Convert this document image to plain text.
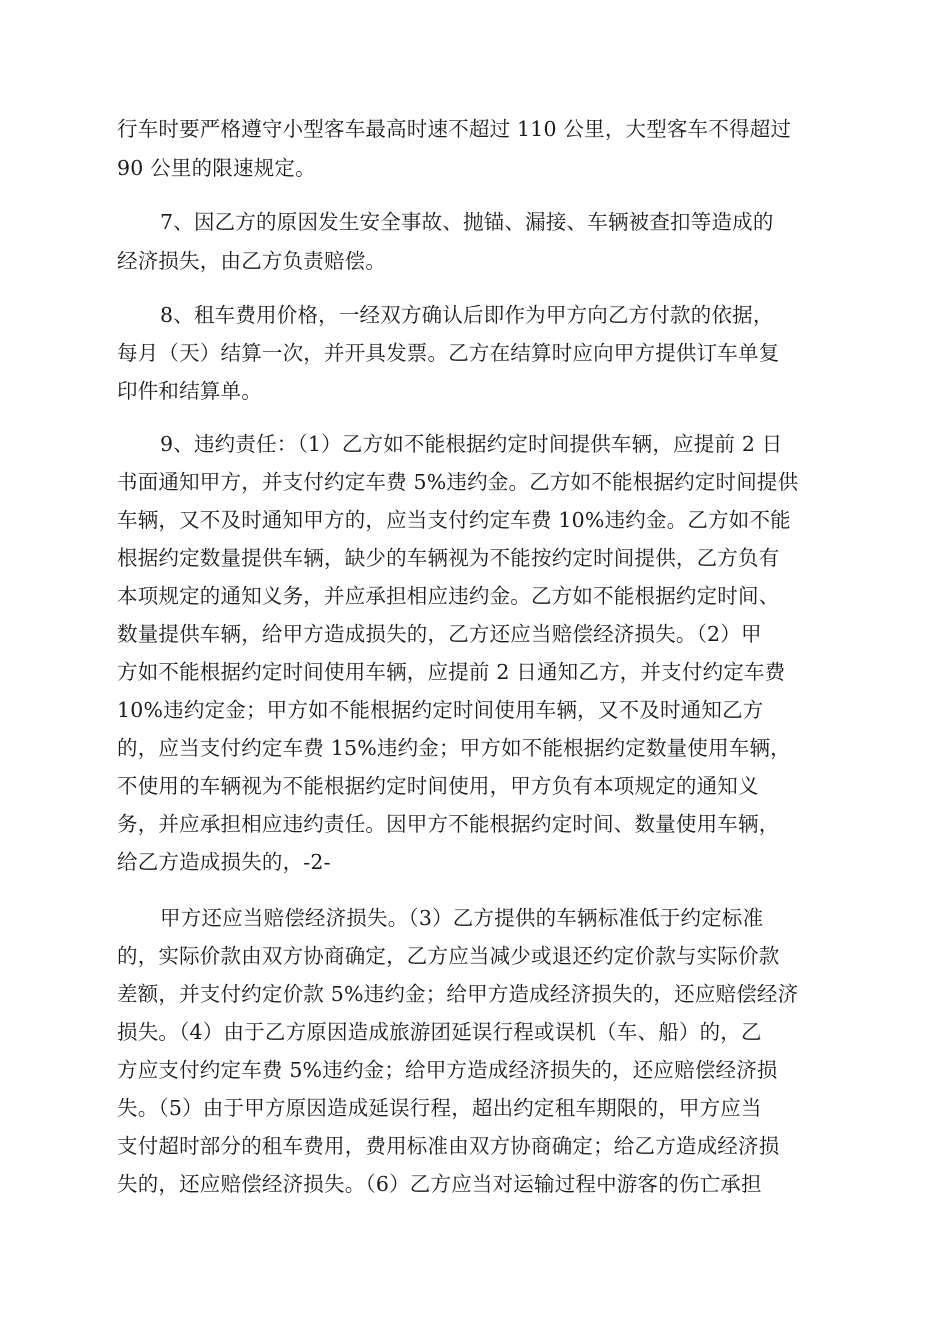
行车时要严格遵守小型客车最高时速不超过 110 公里，大型客车不得超过
90 公里的限速规定。
7、因乙方的原因发生安全事故、抛锚、漏接、车辆被查扣等造成的
经济损失，由乙方负责赔偿。
8、租车费用价格，一经双方确认后即作为甲方向乙方付款的依据，
每月（天）结算一次，并开具发票。乙方在结算时应向甲方提供订车单复
印件和结算单。
9、违约责任：（1）乙方如不能根据约定时间提供车辆，应提前 2 日
书面通知甲方，并支付约定车费 5%违约金。乙方如不能根据约定时间提供
车辆，又不及时通知甲方的，应当支付约定车费 10%违约金。乙方如不能
根据约定数量提供车辆，缺少的车辆视为不能按约定时间提供，乙方负有
本项规定的通知义务，并应承担相应违约金。乙方如不能根据约定时间、
数量提供车辆，给甲方造成损失的，乙方还应当赔偿经济损失。（2）甲
方如不能根据约定时间使用车辆，应提前 2 日通知乙方，并支付约定车费
10%违约定金；甲方如不能根据约定时间使用车辆，又不及时通知乙方
的，应当支付约定车费 15%违约金；甲方如不能根据约定数量使用车辆，
不使用的车辆视为不能根据约定时间使用，甲方负有本项规定的通知义
务，并应承担相应违约责任。因甲方不能根据约定时间、数量使用车辆，
给乙方造成损失的，-2-
甲方还应当赔偿经济损失。（3）乙方提供的车辆标准低于约定标准
的，实际价款由双方协商确定，乙方应当减少或退还约定价款与实际价款
差额，并支付约定价款 5%违约金；给甲方造成经济损失的，还应赔偿经济
损失。（4）由于乙方原因造成旅游团延误行程或误机（车、船）的，乙
方应支付约定车费 5%违约金；给甲方造成经济损失的，还应赔偿经济损
失。（5）由于甲方原因造成延误行程，超出约定租车期限的，甲方应当
支付超时部分的租车费用，费用标准由双方协商确定；给乙方造成经济损
失的，还应赔偿经济损失。（6）乙方应当对运输过程中游客的伤亡承担
